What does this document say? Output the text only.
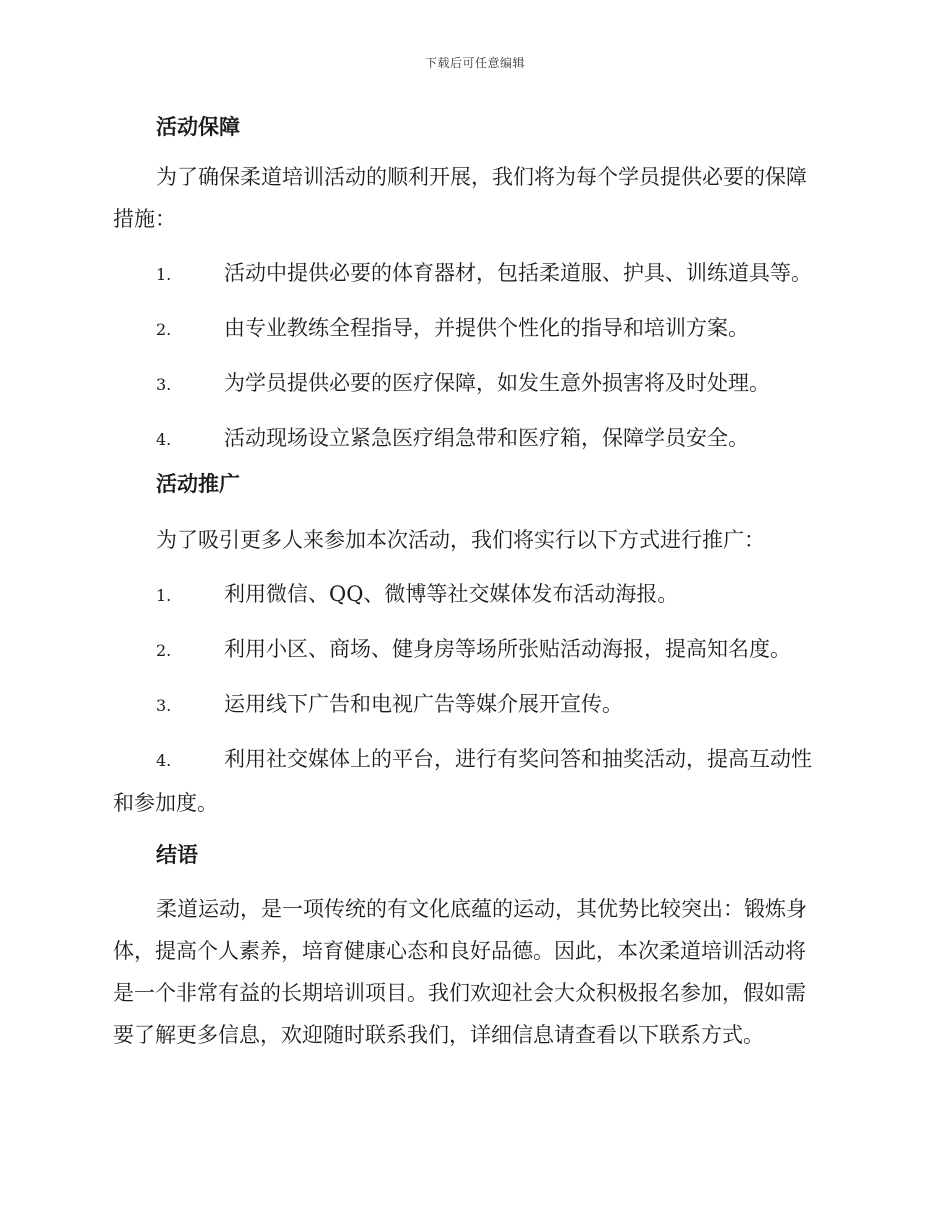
下载后可任意编辑
活动保障
为了确保柔道培训活动的顺利开展，我们将为每个学员提供必要的保障
措施：
1.	活动中提供必要的体育器材，包括柔道服、护具、训练道具等。
2.	由专业教练全程指导，并提供个性化的指导和培训方案。
3.	为学员提供必要的医疗保障，如发生意外损害将及时处理。
4.	活动现场设立紧急医疗绢急带和医疗箱，保障学员安全。
活动推广
为了吸引更多人来参加本次活动，我们将实行以下方式进行推广：
1.	利用微信、QQ、微博等社交媒体发布活动海报。
2.	利用小区、商场、健身房等场所张贴活动海报，提高知名度。
3.	运用线下广告和电视广告等媒介展开宣传。
4.	利用社交媒体上的平台，进行有奖问答和抽奖活动，提高互动性
和参加度。
结语
柔道运动，是一项传统的有文化底蕴的运动，其优势比较突出：锻炼身
体，提高个人素养，培育健康心态和良好品德。因此，本次柔道培训活动将
是一个非常有益的长期培训项目。我们欢迎社会大众积极报名参加，假如需
要了解更多信息，欢迎随时联系我们，详细信息请查看以下联系方式。
